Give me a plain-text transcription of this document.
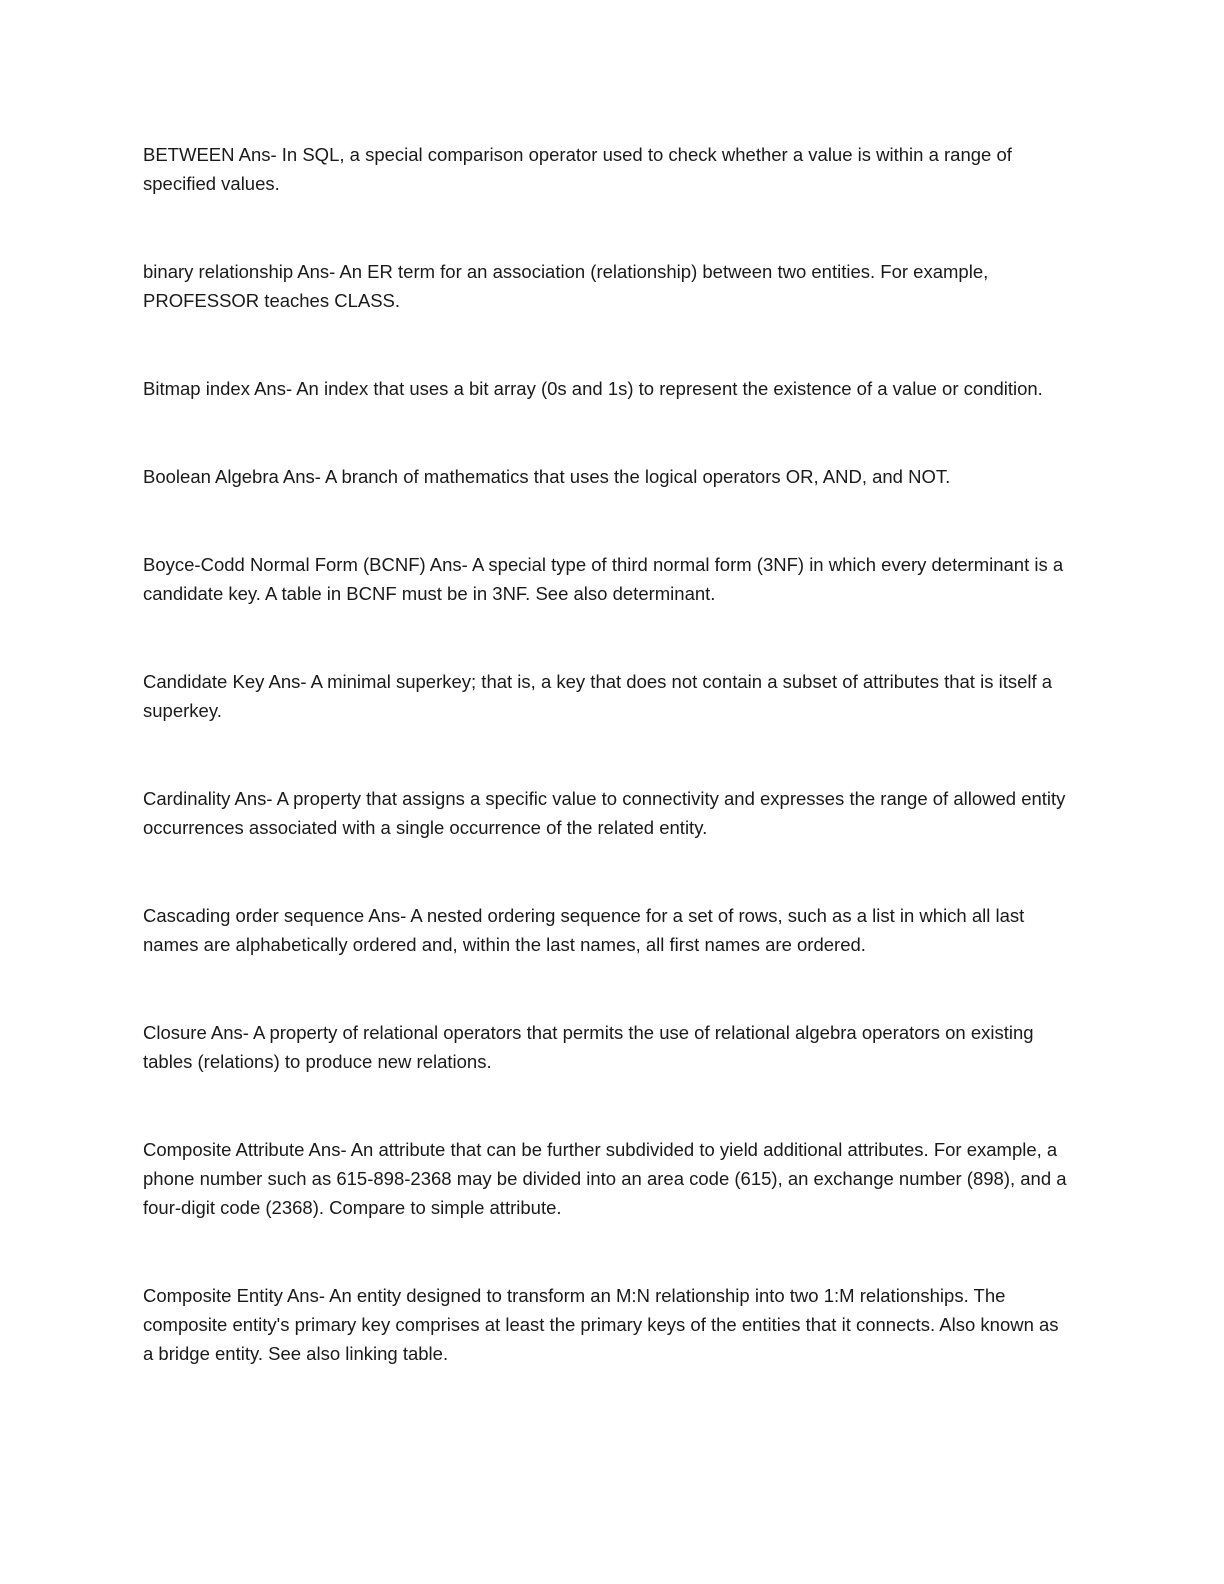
BETWEEN Ans- In SQL, a special comparison operator used to check whether a value is within a range of specified values.

binary relationship Ans- An ER term for an association (relationship) between two entities. For example, PROFESSOR teaches CLASS.

Bitmap index Ans- An index that uses a bit array (0s and 1s) to represent the existence of a value or condition.

Boolean Algebra Ans- A branch of mathematics that uses the logical operators OR, AND, and NOT.

Boyce-Codd Normal Form (BCNF) Ans- A special type of third normal form (3NF) in which every determinant is a candidate key. A table in BCNF must be in 3NF. See also determinant.

Candidate Key Ans- A minimal superkey; that is, a key that does not contain a subset of attributes that is itself a superkey.

Cardinality Ans- A property that assigns a specific value to connectivity and expresses the range of allowed entity occurrences associated with a single occurrence of the related entity.

Cascading order sequence Ans- A nested ordering sequence for a set of rows, such as a list in which all last names are alphabetically ordered and, within the last names, all first names are ordered.

Closure Ans- A property of relational operators that permits the use of relational algebra operators on existing tables (relations) to produce new relations.

Composite Attribute Ans- An attribute that can be further subdivided to yield additional attributes. For example, a phone number such as 615-898-2368 may be divided into an area code (615), an exchange number (898), and a four-digit code (2368). Compare to simple attribute.

Composite Entity Ans- An entity designed to transform an M:N relationship into two 1:M relationships. The composite entity's primary key comprises at least the primary keys of the entities that it connects. Also known as a bridge entity. See also linking table.
